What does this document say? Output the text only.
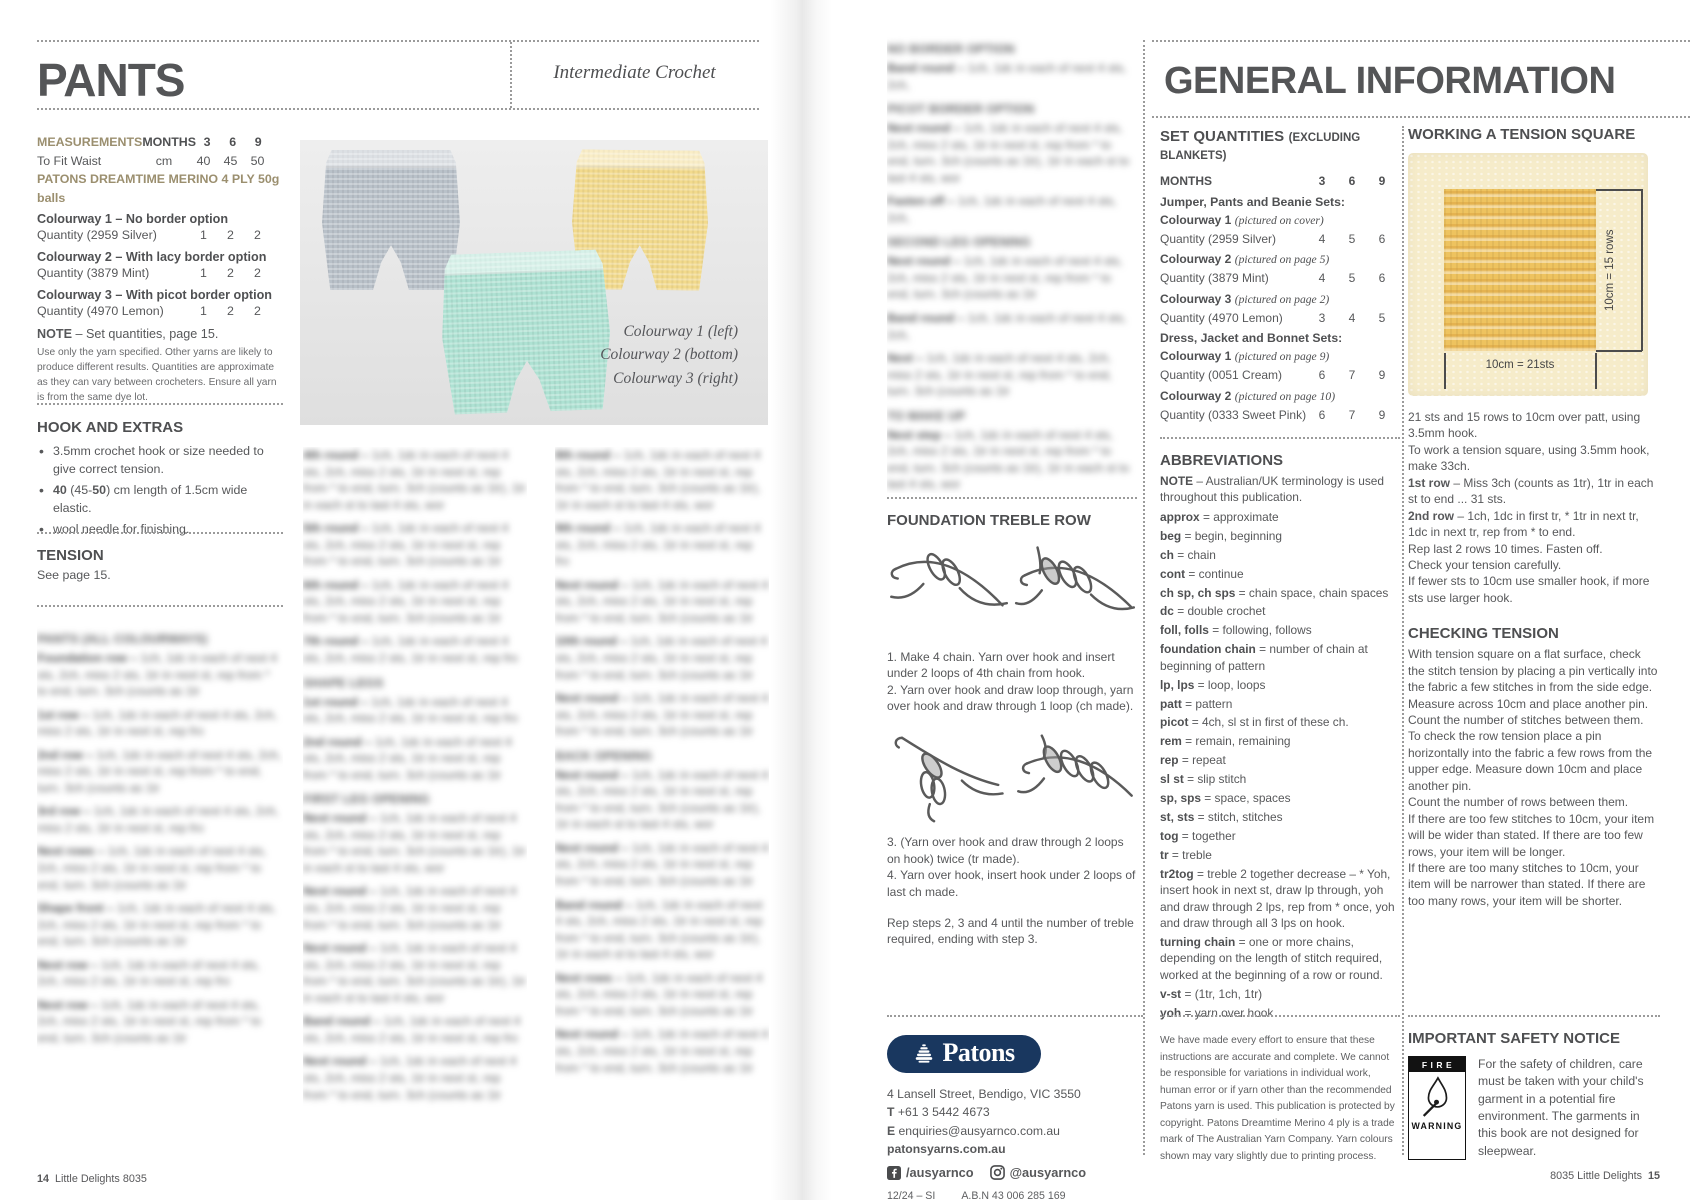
PANTS	Intermediate Crochet
MEASUREMENTS MONTHS 3	6	9
To Fit Waist	cm	40	45	50
PATONS DREAMTIME MERINO 4 PLY 50g balls
Colourway 1 – No border option
Quantity (2959 Silver)	1	2	2
Colourway 2 – With lacy border option
Quantity (3879 Mint)	1	2	2
Colourway 3 – With picot border option
Quantity (4970 Lemon)	1	2	2
NOTE – Set quantities, page 15.
Use only the yarn specified. Other yarns are likely to produce different results. Quantities are approximate as they can vary between crocheters. Ensure all yarn is from the same dye lot.
HOOK AND EXTRAS
• 3.5mm crochet hook or size needed to give correct tension.
• 40 (45-50) cm length of 1.5cm wide elastic.
• wool needle for finishing.
TENSION
See page 15.
PANTS (ALL COLOURWAYS)
Foundation row – 1ch, 1dc in each of next 4 sts, 2ch, miss 2 sts, 1tr in next st, rep from * to end, turn. 3ch (counts as 1tr
1st row – 1ch, 1dc in each of next 4 sts, 2ch, miss 2 sts, 1tr in next st, rep fro
2nd row – 1ch, 1dc in each of next 4 sts, 2ch, miss 2 sts, 1tr in next st, rep from * to end, turn. 3ch (counts as 1tr
3rd row – 1ch, 1dc in each of next 4 sts, 2ch, miss 2 sts, 1tr in next st, rep fro
Next rows – 1ch, 1dc in each of next 4 sts, 2ch, miss 2 sts, 1tr in next st, rep from * to end, turn. 3ch (counts as 1tr
Shape front – 1ch, 1dc in each of next 4 sts, 2ch, miss 2 sts, 1tr in next st, rep from * to end, turn. 3ch (counts as 1tr
Next row – 1ch, 1dc in each of next 4 sts, 2ch, miss 2 sts, 1tr in next st, rep fro
Next row – 1ch, 1dc in each of next 4 sts, 2ch, miss 2 sts, 1tr in next st, rep from * to end, turn. 3ch (counts as 1tr
Colourway 1 (left)
Colourway 2 (bottom)
Colourway 3 (right)
4th round – 1ch, 1dc in each of next 4 sts, 2ch, miss 2 sts, 1tr in next st, rep from * to end, turn. 3ch (counts as 1tr), 1tr in each st to last 4 sts, wor
5th round – 1ch, 1dc in each of next 4 sts, 2ch, miss 2 sts, 1tr in next st, rep from * to end, turn. 3ch (counts as 1tr
6th round – 1ch, 1dc in each of next 4 sts, 2ch, miss 2 sts, 1tr in next st, rep from * to end, turn. 3ch (counts as 1tr
7th round – 1ch, 1dc in each of next 4 sts, 2ch, miss 2 sts, 1tr in next st, rep fro
SHAPE LEGS
1st round – 1ch, 1dc in each of next 4 sts, 2ch, miss 2 sts, 1tr in next st, rep fro
2nd round – 1ch, 1dc in each of next 4 sts, 2ch, miss 2 sts, 1tr in next st, rep from * to end, turn. 3ch (counts as 1tr
FIRST LEG OPENING
Next round – 1ch, 1dc in each of next 4 sts, 2ch, miss 2 sts, 1tr in next st, rep from * to end, turn. 3ch (counts as 1tr), 1tr in each st to last 4 sts, wor
Next round – 1ch, 1dc in each of next 4 sts, 2ch, miss 2 sts, 1tr in next st, rep from * to end, turn. 3ch (counts as 1tr
Next round – 1ch, 1dc in each of next 4 sts, 2ch, miss 2 sts, 1tr in next st, rep from * to end, turn. 3ch (counts as 1tr), 1tr in each st to last 4 sts, wor
Band round – 1ch, 1dc in each of next 4 sts, 2ch, miss 2 sts, 1tr in next st, rep fro
Next round – 1ch, 1dc in each of next 4 sts, 2ch, miss 2 sts, 1tr in next st, rep from * to end, turn. 3ch (counts as 1tr
8th round – 1ch, 1dc in each of next 4 sts, 2ch, miss 2 sts, 1tr in next st, rep from * to end, turn. 3ch (counts as 1tr), 1tr in each st to last 4 sts, wor
9th round – 1ch, 1dc in each of next 4 sts, 2ch, miss 2 sts, 1tr in next st, rep fro
Next round – 1ch, 1dc in each of next 4 sts, 2ch, miss 2 sts, 1tr in next st, rep from * to end, turn. 3ch (counts as 1tr
10th round – 1ch, 1dc in each of next 4 sts, 2ch, miss 2 sts, 1tr in next st, rep from * to end, turn. 3ch (counts as 1tr
Next round – 1ch, 1dc in each of next 4 sts, 2ch, miss 2 sts, 1tr in next st, rep from * to end, turn. 3ch (counts as 1tr
BACK OPENING
Next round – 1ch, 1dc in each of next 4 sts, 2ch, miss 2 sts, 1tr in next st, rep from * to end, turn. 3ch (counts as 1tr), 1tr in each st to last 4 sts, wor
Next round – 1ch, 1dc in each of next 4 sts, 2ch, miss 2 sts, 1tr in next st, rep from * to end, turn. 3ch (counts as 1tr
Band round – 1ch, 1dc in each of next 4 sts, 2ch, miss 2 sts, 1tr in next st, rep from * to end, turn. 3ch (counts as 1tr), 1tr in each st to last 4 sts, wor
Next rows – 1ch, 1dc in each of next 4 sts, 2ch, miss 2 sts, 1tr in next st, rep from * to end, turn. 3ch (counts as 1tr
Next round – 1ch, 1dc in each of next 4 sts, 2ch, miss 2 sts, 1tr in next st, rep from * to end, turn. 3ch (counts as 1tr
14 Little Delights 8035
NO BORDER OPTION
Band round – 1ch, 1dc in each of next 4 sts, 2ch,
PICOT BORDER OPTION
Next round – 1ch, 1dc in each of next 4 sts, 2ch, miss 2 sts, 1tr in next st, rep from * to end, turn. 3ch (counts as 1tr), 1tr in each st to last 4 sts, wor
Fasten off – 1ch, 1dc in each of next 4 sts, 2ch,
SECOND LEG OPENING
Next round – 1ch, 1dc in each of next 4 sts, 2ch, miss 2 sts, 1tr in next st, rep from * to end, turn. 3ch (counts as 1tr
Band round – 1ch, 1dc in each of next 4 sts, 2ch,
Next – 1ch, 1dc in each of next 4 sts, 2ch, miss 2 sts, 1tr in next st, rep from * to end, turn. 3ch (counts as 1tr
TO MAKE UP
Next step – 1ch, 1dc in each of next 4 sts, 2ch, miss 2 sts, 1tr in next st, rep from * to end, turn. 3ch (counts as 1tr), 1tr in each st to last 4 sts, wor
FOUNDATION TREBLE ROW
1. Make 4 chain. Yarn over hook and insert under 2 loops of 4th chain from hook.
2. Yarn over hook and draw loop through, yarn over hook and draw through 1 loop (ch made).
3. (Yarn over hook and draw through 2 loops on hook) twice (tr made).
4. Yarn over hook, insert hook under 2 loops of last ch made.
Rep steps 2, 3 and 4 until the number of treble required, ending with step 3.
Patons
4 Lansell Street, Bendigo, VIC 3550
T +61 3 5442 4673
E enquiries@ausyarnco.com.au
patonsyarns.com.au
/ausyarnco	@ausyarnco
12/24 – SI A.B.N 43 006 285 169
GENERAL INFORMATION
SET QUANTITIES (EXCLUDING BLANKETS)
MONTHS	3	6	9
Jumper, Pants and Beanie Sets:
Colourway 1 (pictured on cover)
Quantity (2959 Silver)	4	5	6
Colourway 2 (pictured on page 5)
Quantity (3879 Mint)	4	5	6
Colourway 3 (pictured on page 2)
Quantity (4970 Lemon)	3	4	5
Dress, Jacket and Bonnet Sets:
Colourway 1 (pictured on page 9)
Quantity (0051 Cream)	6	7	9
Colourway 2 (pictured on page 10)
Quantity (0333 Sweet Pink)	6	7	9
ABBREVIATIONS
NOTE – Australian/UK terminology is used throughout this publication.
approx = approximate
beg = begin, beginning
ch = chain
cont = continue
ch sp, ch sps = chain space, chain spaces
dc = double crochet
foll, folls = following, follows
foundation chain = number of chain at beginning of pattern
lp, lps = loop, loops
patt = pattern
picot = 4ch, sl st in first of these ch.
rem = remain, remaining
rep = repeat
sl st = slip stitch
sp, sps = space, spaces
st, sts = stitch, stitches
tog = together
tr = treble
tr2tog = treble 2 together decrease – * Yoh, insert hook in next st, draw lp through, yoh and draw through 2 lps, rep from * once, yoh and draw through all 3 lps on hook.
turning chain = one or more chains, depending on the length of stitch required, worked at the beginning of a row or round.
v-st = (1tr, 1ch, 1tr)
yoh = yarn over hook
We have made every effort to ensure that these instructions are accurate and complete. We cannot be responsible for variations in individual work, human error or if yarn other than the recommended Patons yarn is used. This publication is protected by copyright. Patons Dreamtime Merino 4 ply is a trade mark of The Australian Yarn Company. Yarn colours shown may vary slightly due to printing process.
WORKING A TENSION SQUARE
10cm = 15 rows
10cm = 21sts
21 sts and 15 rows to 10cm over patt, using 3.5mm hook.
To work a tension square, using 3.5mm hook, make 33ch.
1st row – Miss 3ch (counts as 1tr), 1tr in each st to end ... 31 sts.
2nd row – 1ch, 1dc in first tr, * 1tr in next tr, 1dc in next tr, rep from * to end.
Rep last 2 rows 10 times. Fasten off.
Check your tension carefully.
If fewer sts to 10cm use smaller hook, if more sts use larger hook.
CHECKING TENSION
With tension square on a flat surface, check the stitch tension by placing a pin vertically into the fabric a few stitches in from the side edge.
Measure across 10cm and place another pin.
Count the number of stitches between them.
To check the row tension place a pin horizontally into the fabric a few rows from the upper edge. Measure down 10cm and place another pin.
Count the number of rows between them.
If there are too few stitches to 10cm, your item will be wider than stated. If there are too few rows, your item will be longer.
If there are too many stitches to 10cm, your item will be narrower than stated. If there are too many rows, your item will be shorter.
IMPORTANT SAFETY NOTICE
FIRE
WARNING
For the safety of children, care must be taken with your child's garment in a potential fire environment. The garments in this book are not designed for sleepwear.
8035 Little Delights 15
